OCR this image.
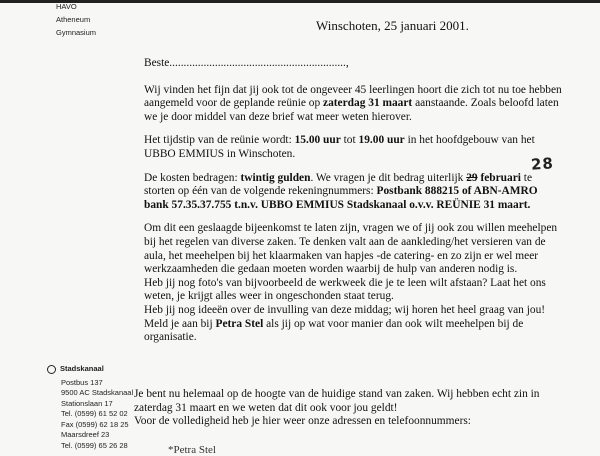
HAVO
Atheneum
Gymnasium	Winschoten, 25 januari 2001.

Beste..............................................................,

Wij vinden het fijn dat jij ook tot de ongeveer 45 leerlingen hoort die zich tot nu toe hebben aangemeld voor de geplande reünie op zaterdag 31 maart aanstaande. Zoals beloofd laten we je door middel van deze brief wat meer weten hierover.

Het tijdstip van de reünie wordt: 15.00 uur tot 19.00 uur in het hoofdgebouw van het UBBO EMMIUS in Winschoten.	28

De kosten bedragen: twintig gulden. We vragen je dit bedrag uiterlijk 29 februari te storten op één van de volgende rekeningnummers: Postbank 888215 of ABN-AMRO bank 57.35.37.755 t.n.v. UBBO EMMIUS Stadskanaal o.v.v. REÜNIE 31 maart.

Om dit een geslaagde bijeenkomst te laten zijn, vragen we of jij ook zou willen meehelpen bij het regelen van diverse zaken. Te denken valt aan de aankleding/het versieren van de aula, het meehelpen bij het klaarmaken van hapjes -de catering- en zo zijn er wel meer werkzaamheden die gedaan moeten worden waarbij de hulp van anderen nodig is.

Heb jij nog foto's van bijvoorbeeld de werkweek die je te leen wilt afstaan? Laat het ons weten, je krijgt alles weer in ongeschonden staat terug.

Heb jij nog ideeën over de invulling van deze middag; wij horen het heel graag van jou!

Meld je aan bij Petra Stel als jij op wat voor manier dan ook wilt meehelpen bij de organisatie.

Stadskanaal
Postbus 137
9500 AC Stadskanaal
Stationslaan 17
Tel. (0599) 61 52 02
Fax (0599) 62 18 25
Maarsdreef 23
Tel. (0599) 65 26 28

Je bent nu helemaal op de hoogte van de huidige stand van zaken. Wij hebben echt zin in zaterdag 31 maart en we weten dat dit ook voor jou geldt!

Voor de volledigheid heb je hier weer onze adressen en telefoonnummers:

*Petra Stel
